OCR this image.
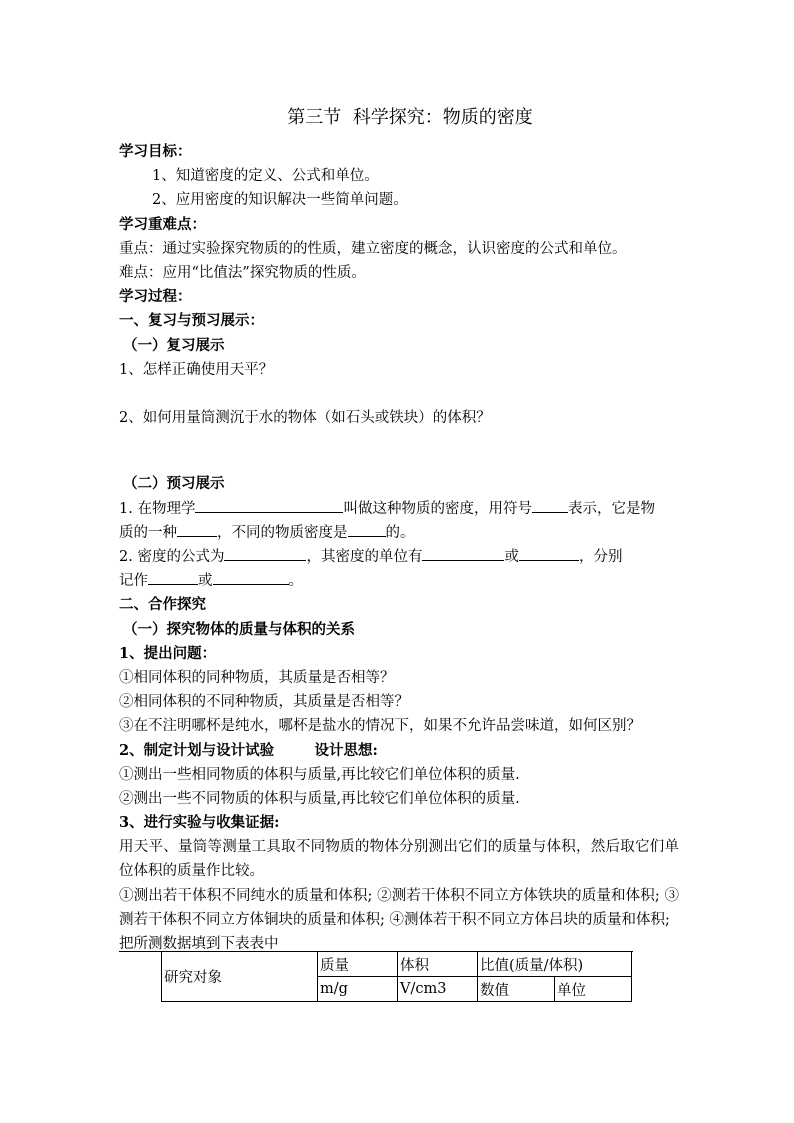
第三节  科学探究：物质的密度
学习目标：
1、知道密度的定义、公式和单位。
2、应用密度的知识解决一些简单问题。
学习重难点：
重点：通过实验探究物质的的性质，建立密度的概念，认识密度的公式和单位。
难点：应用“比值法”探究物质的性质。
学习过程：
一、复习与预习展示：
（一）复习展示
1、怎样正确使用天平？
2、如何用量筒测沉于水的物体（如石头或铁块）的体积？
（二）预习展示
1. 在物理学	叫做这种物质的密度，用符号 表示，它是物
质的一种	，不同的物质密度是	的。
2. 密度的公式为	，其密度的单位有	或	，分别
记作	或	。
二、合作探究
（一）探究物体的质量与体积的关系
1、提出问题：
①相同体积的同种物质，其质量是否相等？
②相同体积的不同种物质，其质量是否相等？
③在不注明哪杯是纯水，哪杯是盐水的情况下，如果不允许品尝味道，如何区别？
2、制定计划与设计试验        设计思想:
①测出一些相同物质的体积与质量,再比较它们单位体积的质量.
②测出一些不同物质的体积与质量,再比较它们单位体积的质量.
3、进行实验与收集证据:
用天平、量筒等测量工具取不同物质的物体分别测出它们的质量与体积，然后取它们单位体积的质量作比较。
①测出若干体积不同纯水的质量和体积; ②测若干体积不同立方体铁块的质量和体积; ③测若干体积不同立方体铜块的质量和体积; ④测体若干积不同立方体吕块的质量和体积;
把所测数据填到下表表中
研究对象	质量	体积	比值(质量/体积)	
	m/g	V/cm3	数值	单位
